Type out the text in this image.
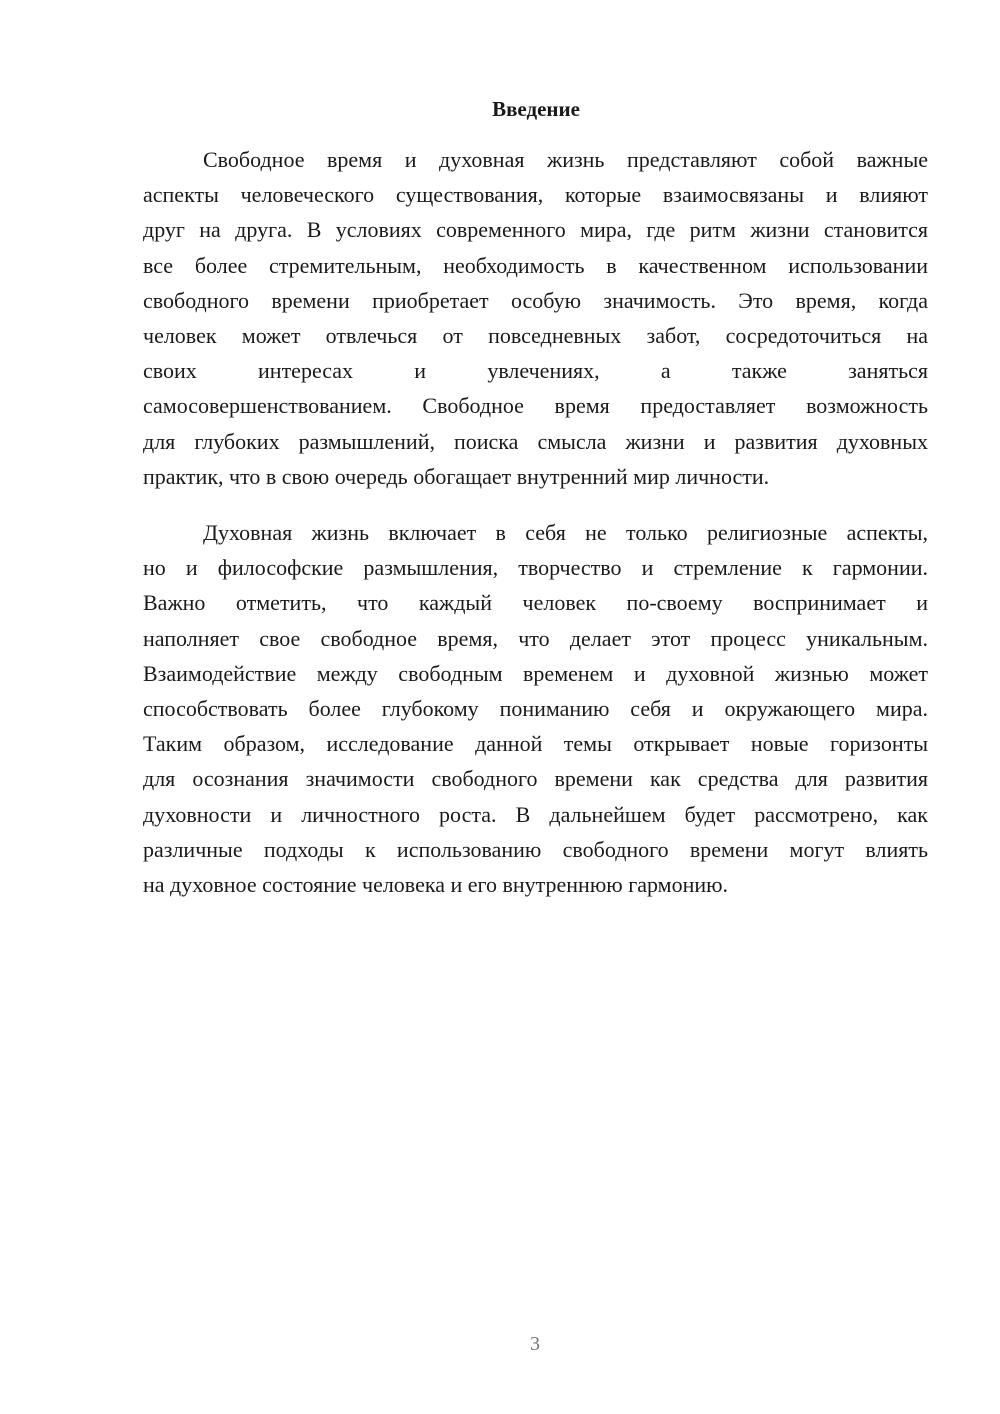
Введение
Свободное время и духовная жизнь представляют собой важные
аспекты человеческого существования, которые взаимосвязаны и влияют
друг на друга. В условиях современного мира, где ритм жизни становится
все более стремительным, необходимость в качественном использовании
свободного времени приобретает особую значимость. Это время, когда
человек может отвлечься от повседневных забот, сосредоточиться на
своих интересах и увлечениях, а также заняться
самосовершенствованием. Свободное время предоставляет возможность
для глубоких размышлений, поиска смысла жизни и развития духовных
практик, что в свою очередь обогащает внутренний мир личности.
Духовная жизнь включает в себя не только религиозные аспекты,
но и философские размышления, творчество и стремление к гармонии.
Важно отметить, что каждый человек по-своему воспринимает и
наполняет свое свободное время, что делает этот процесс уникальным.
Взаимодействие между свободным временем и духовной жизнью может
способствовать более глубокому пониманию себя и окружающего мира.
Таким образом, исследование данной темы открывает новые горизонты
для осознания значимости свободного времени как средства для развития
духовности и личностного роста. В дальнейшем будет рассмотрено, как
различные подходы к использованию свободного времени могут влиять
на духовное состояние человека и его внутреннюю гармонию.
3
